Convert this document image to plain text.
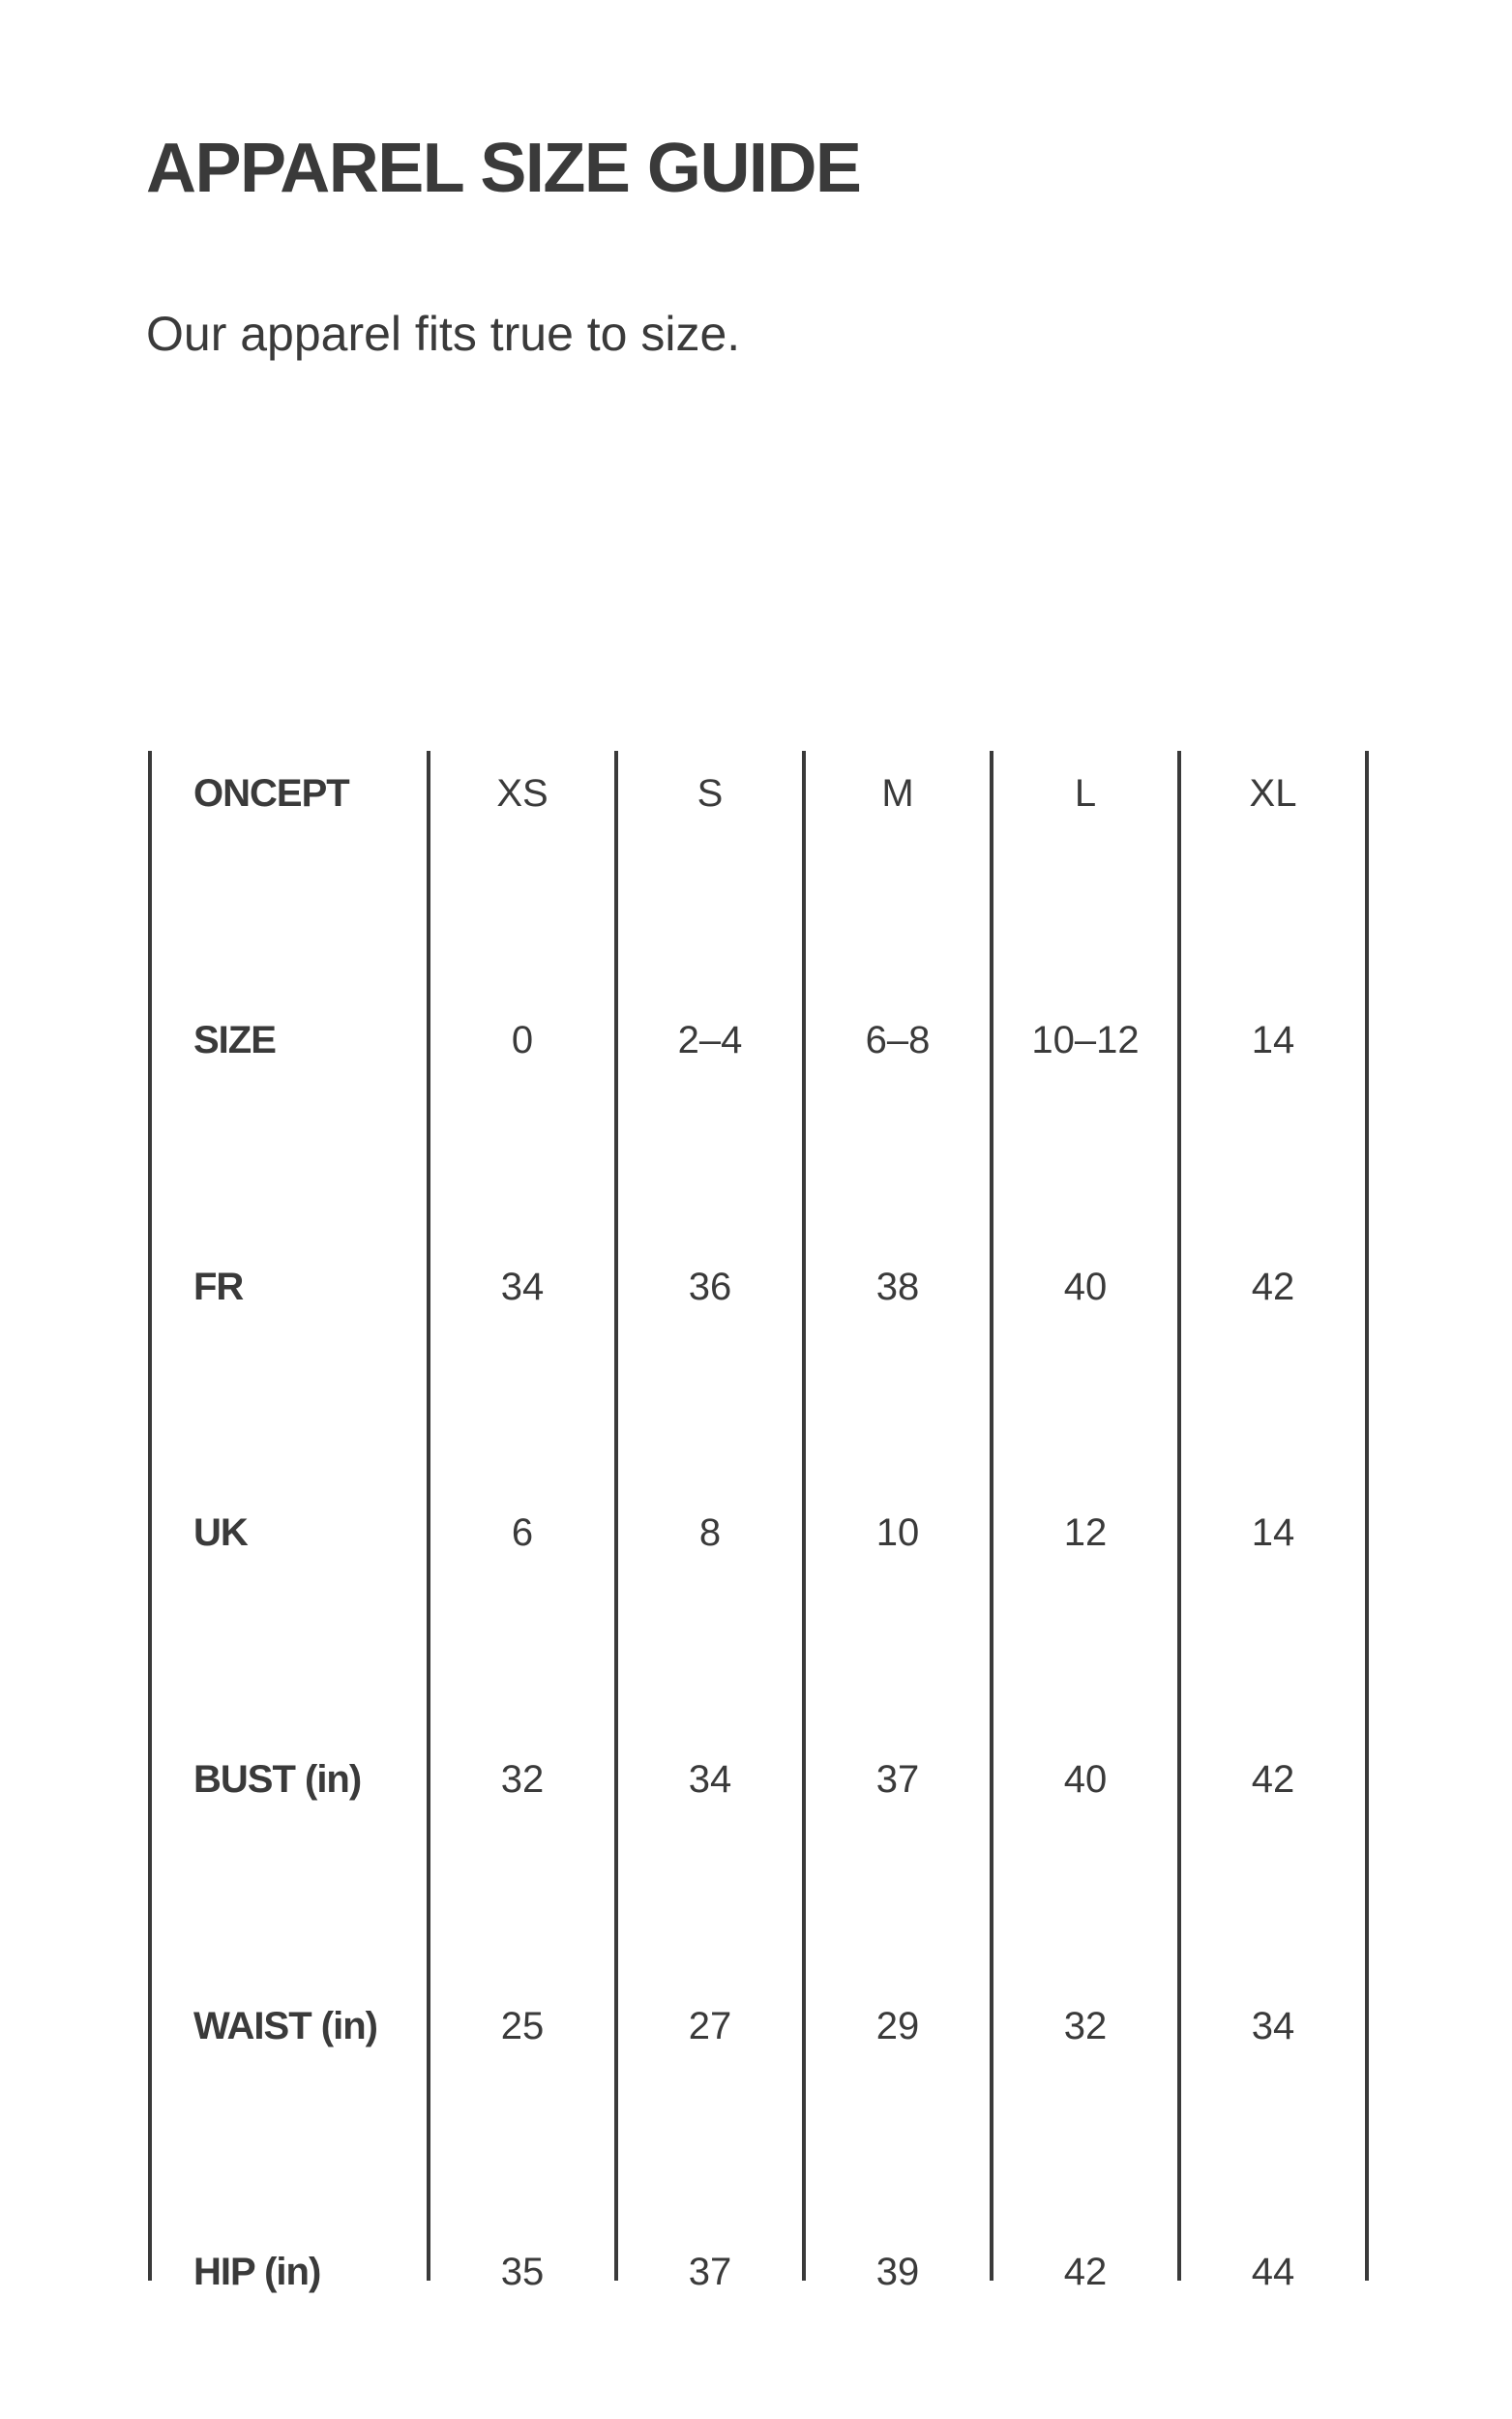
APPAREL SIZE GUIDE

Our apparel fits true to size.

ONCEPT	XS	S	M	L	XL
SIZE	0	2–4	6–8	10–12	14
FR	34	36	38	40	42
UK	6	8	10	12	14
BUST (in)	32	34	37	40	42
WAIST (in)	25	27	29	32	34
HIP (in)	35	37	39	42	44
